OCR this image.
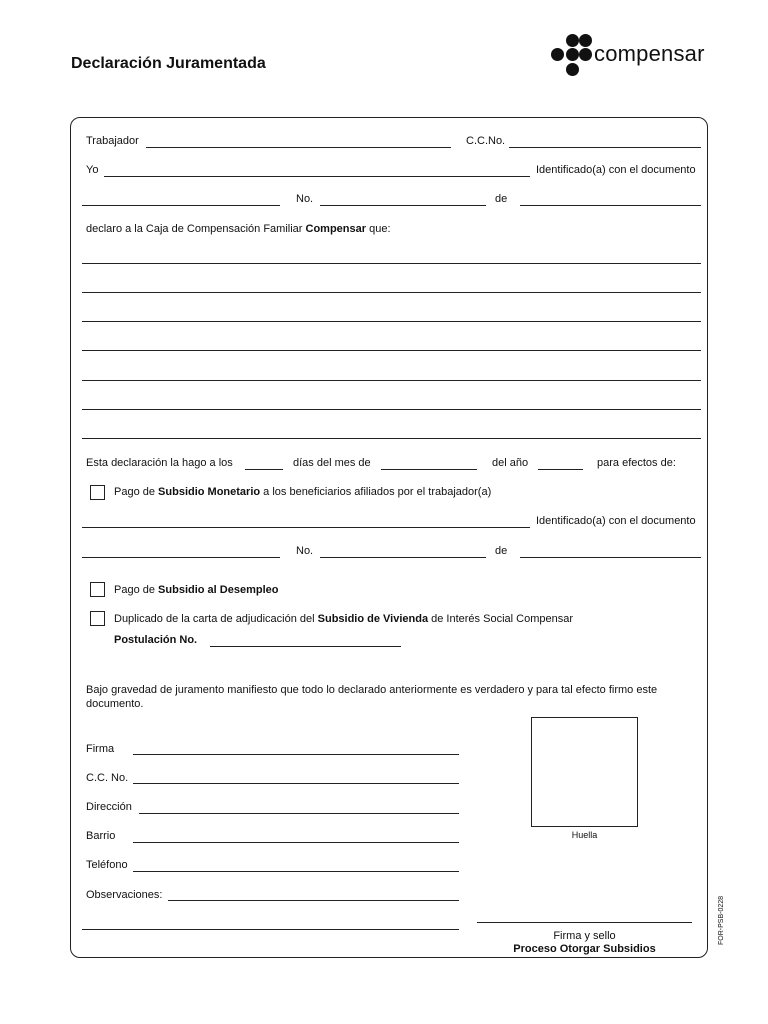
Declaración Juramentada	compensar
Trabajador	C.C.No.
Yo	Identificado(a) con el documento
No.	de
declaro a la Caja de Compensación Familiar Compensar que:
Esta declaración la hago a los	días del mes de	del año	para efectos de:
Pago de Subsidio Monetario a los beneficiarios afiliados por el trabajador(a)
Identificado(a) con el documento
No.	de
Pago de Subsidio al Desempleo
Duplicado de la carta de adjudicación del Subsidio de Vivienda de Interés Social Compensar
Postulación No.
Bajo gravedad de juramento manifiesto que todo lo declarado anteriormente es verdadero y para tal efecto firmo este
documento.
Firma
C.C. No.
Dirección
Barrio
Teléfono
Observaciones:
Huella
Firma y sello
Proceso Otorgar Subsidios
FOR-PSB-0228
